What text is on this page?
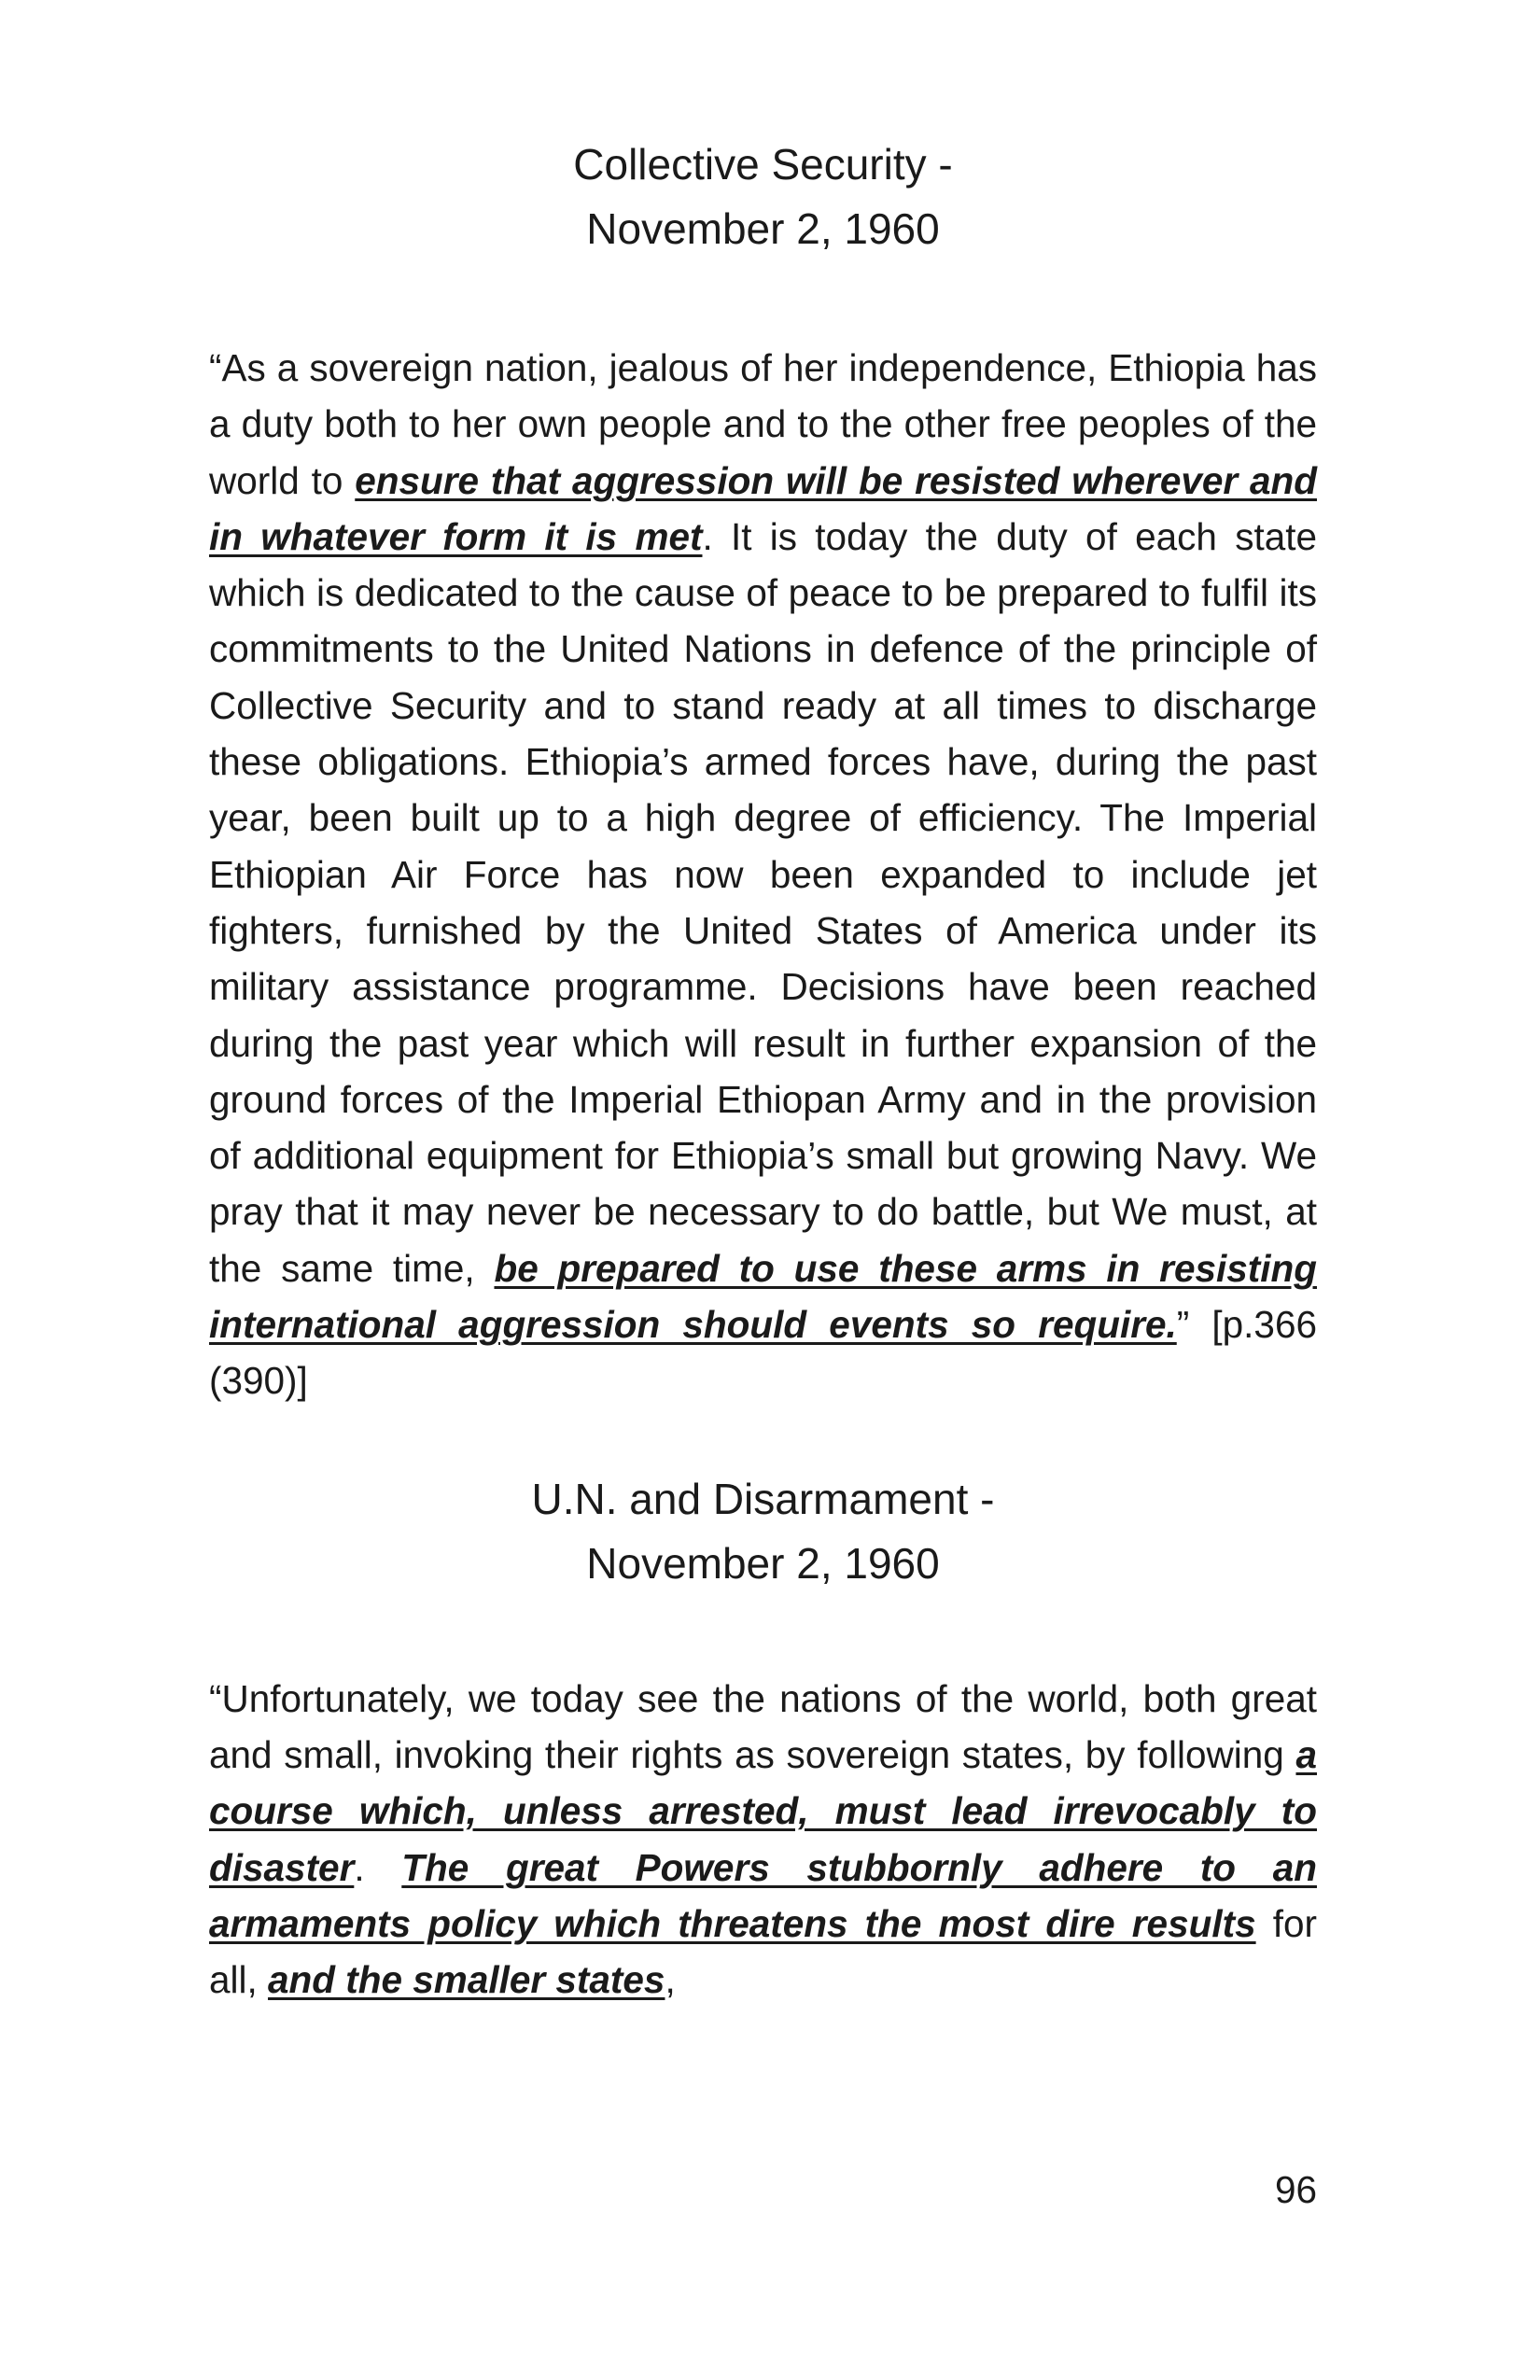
Collective Security -
November 2, 1960

“As a sovereign nation, jealous of her independence, Ethiopia has a duty both to her own people and to the other free peoples of the world to ensure that aggression will be resisted wherever and in whatever form it is met. It is today the duty of each state which is dedicated to the cause of peace to be prepared to fulfil its commitments to the United Nations in defence of the principle of Collective Security and to stand ready at all times to discharge these obligations. Ethiopia’s armed forces have, during the past year, been built up to a high degree of efficiency. The Imperial Ethiopian Air Force has now been expanded to include jet fighters, furnished by the United States of America under its military assistance programme. Decisions have been reached during the past year which will result in further expansion of the ground forces of the Imperial Ethiopan Army and in the provision of additional equipment for Ethiopia’s small but growing Navy. We pray that it may never be necessary to do battle, but We must, at the same time, be prepared to use these arms in resisting international aggression should events so require.” [p.366 (390)]

U.N. and Disarmament -
November 2, 1960

“Unfortunately, we today see the nations of the world, both great and small, invoking their rights as sovereign states, by following a course which, unless arrested, must lead irrevocably to disaster. The great Powers stubbornly adhere to an armaments policy which threatens the most dire results for all, and the smaller states,

96
